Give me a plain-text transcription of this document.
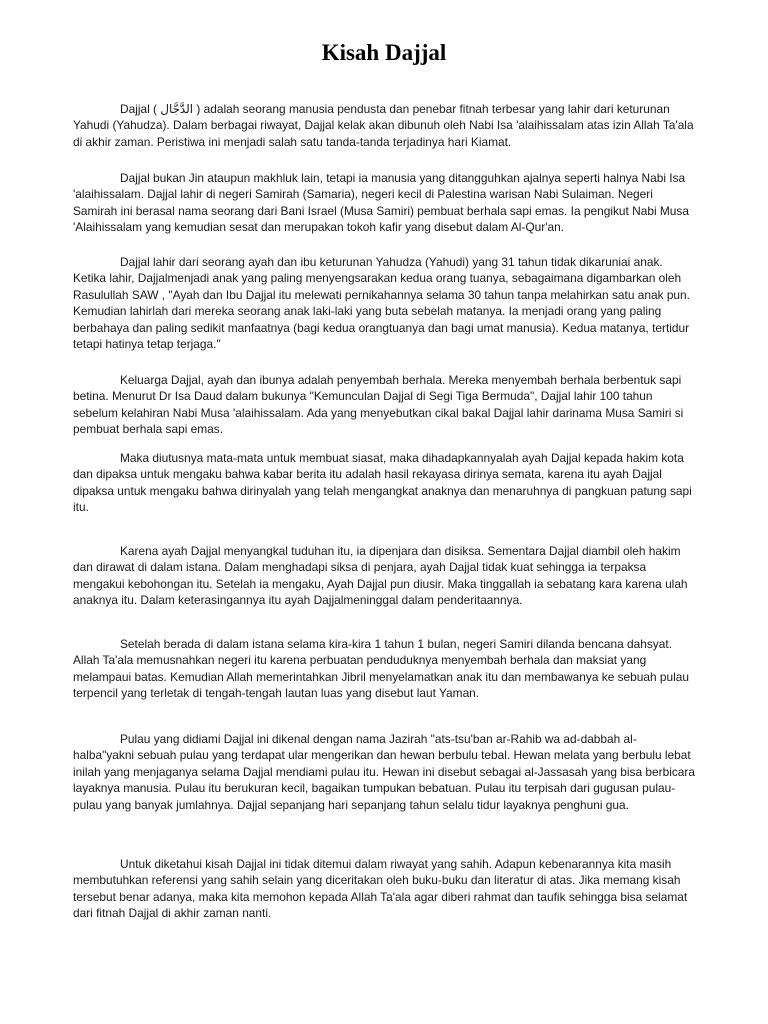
Kisah Dajjal

Dajjal ( الدَّجَّال ) adalah seorang manusia pendusta dan penebar fitnah terbesar yang lahir dari keturunan Yahudi (Yahudza). Dalam berbagai riwayat, Dajjal kelak akan dibunuh oleh Nabi Isa 'alaihissalam atas izin Allah Ta'ala di akhir zaman. Peristiwa ini menjadi salah satu tanda-tanda terjadinya hari Kiamat.

Dajjal bukan Jin ataupun makhluk lain, tetapi ia manusia yang ditangguhkan ajalnya seperti halnya Nabi Isa 'alaihissalam. Dajjal lahir di negeri Samirah (Samaria), negeri kecil di Palestina warisan Nabi Sulaiman. Negeri Samirah ini berasal nama seorang dari Bani Israel (Musa Samiri) pembuat berhala sapi emas. Ia pengikut Nabi Musa 'Alaihissalam yang kemudian sesat dan merupakan tokoh kafir yang disebut dalam Al-Qur'an.

Dajjal lahir dari seorang ayah dan ibu keturunan Yahudza (Yahudi) yang 31 tahun tidak dikaruniai anak. Ketika lahir, Dajjalmenjadi anak yang paling menyengsarakan kedua orang tuanya, sebagaimana digambarkan oleh Rasulullah SAW , "Ayah dan Ibu Dajjal itu melewati pernikahannya selama 30 tahun tanpa melahirkan satu anak pun. Kemudian lahirlah dari mereka seorang anak laki-laki yang buta sebelah matanya. Ia menjadi orang yang paling berbahaya dan paling sedikit manfaatnya (bagi kedua orangtuanya dan bagi umat manusia). Kedua matanya, tertidur tetapi hatinya tetap terjaga."

Keluarga Dajjal, ayah dan ibunya adalah penyembah berhala. Mereka menyembah berhala berbentuk sapi betina. Menurut Dr Isa Daud dalam bukunya "Kemunculan Dajjal di Segi Tiga Bermuda", Dajjal lahir 100 tahun sebelum kelahiran Nabi Musa 'alaihissalam. Ada yang menyebutkan cikal bakal Dajjal lahir darinama Musa Samiri si pembuat berhala sapi emas.

Maka diutusnya mata-mata untuk membuat siasat, maka dihadapkannyalah ayah Dajjal kepada hakim kota dan dipaksa untuk mengaku bahwa kabar berita itu adalah hasil rekayasa dirinya semata, karena itu ayah Dajjal dipaksa untuk mengaku bahwa dirinyalah yang telah mengangkat anaknya dan menaruhnya di pangkuan patung sapi itu.

Karena ayah Dajjal menyangkal tuduhan itu, ia dipenjara dan disiksa. Sementara Dajjal diambil oleh hakim dan dirawat di dalam istana. Dalam menghadapi siksa di penjara, ayah Dajjal tidak kuat sehingga ia terpaksa mengakui kebohongan itu. Setelah ia mengaku, Ayah Dajjal pun diusir. Maka tinggallah ia sebatang kara karena ulah anaknya itu. Dalam keterasingannya itu ayah Dajjalmeninggal dalam penderitaannya.

Setelah berada di dalam istana selama kira-kira 1 tahun 1 bulan, negeri Samiri dilanda bencana dahsyat. Allah Ta'ala memusnahkan negeri itu karena perbuatan penduduknya menyembah berhala dan maksiat yang melampaui batas. Kemudian Allah memerintahkan Jibril menyelamatkan anak itu dan membawanya ke sebuah pulau terpencil yang terletak di tengah-tengah lautan luas yang disebut laut Yaman.

Pulau yang didiami Dajjal ini dikenal dengan nama Jazirah "ats-tsu'ban ar-Rahib wa ad-dabbah al-halba"yakni sebuah pulau yang terdapat ular mengerikan dan hewan berbulu tebal. Hewan melata yang berbulu lebat inilah yang menjaganya selama Dajjal mendiami pulau itu. Hewan ini disebut sebagai al-Jassasah yang bisa berbicara layaknya manusia. Pulau itu berukuran kecil, bagaikan tumpukan bebatuan. Pulau itu terpisah dari gugusan pulau-pulau yang banyak jumlahnya. Dajjal sepanjang hari sepanjang tahun selalu tidur layaknya penghuni gua.

Untuk diketahui kisah Dajjal ini tidak ditemui dalam riwayat yang sahih. Adapun kebenarannya kita masih membutuhkan referensi yang sahih selain yang diceritakan oleh buku-buku dan literatur di atas. Jika memang kisah tersebut benar adanya, maka kita memohon kepada Allah Ta'ala agar diberi rahmat dan taufik sehingga bisa selamat dari fitnah Dajjal di akhir zaman nanti.
